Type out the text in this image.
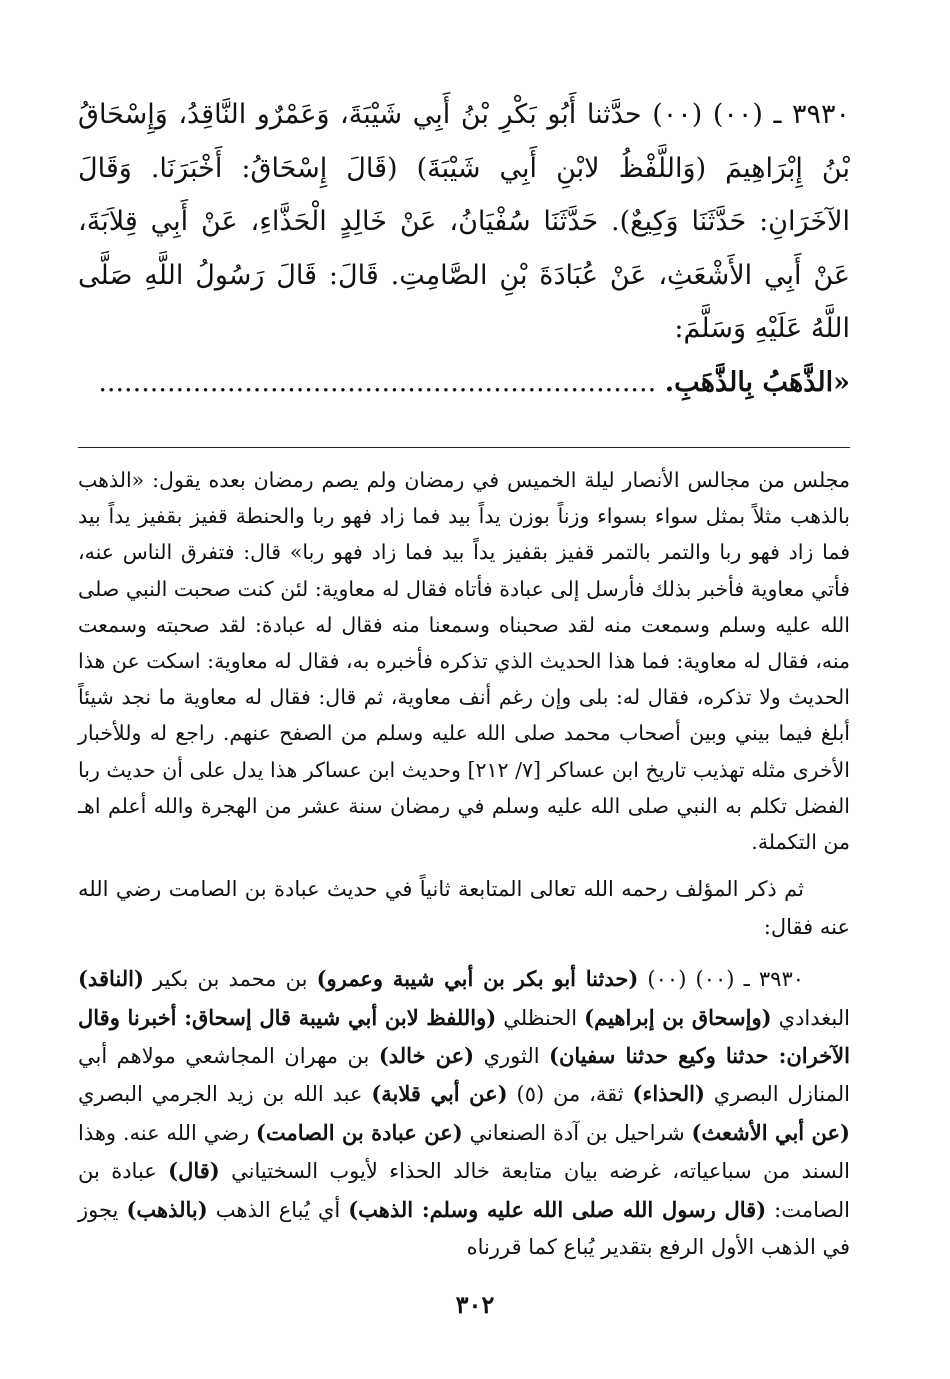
٣٩٣٠ ـ (٠٠) (٠٠) حدَّثنا أَبُو بَكْرِ بْنُ أَبِي شَيْبَةَ، وَعَمْرٌو النَّاقِدُ، وَإِسْحَاقُ بْنُ إِبْرَاهِيمَ (وَاللَّفْظُ لابْنِ أَبِي شَيْبَةَ) (قَالَ إِسْحَاقُ: أَخْبَرَنَا. وَقَالَ الآخَرَانِ: حَدَّثَنَا وَكِيعٌ). حَدَّثَنَا سُفْيَانُ، عَنْ خَالِدٍ الْحَذَّاءِ، عَنْ أَبِي قِلاَبَةَ، عَنْ أَبِي الأَشْعَثِ، عَنْ عُبَادَةَ بْنِ الصَّامِتِ. قَالَ: قَالَ رَسُولُ اللَّهِ صَلَّى اللَّهُ عَلَيْهِ وَسَلَّمَ:
«الذَّهَبُ بِالذَّهَبِ. .................................................................

مجلس من مجالس الأنصار ليلة الخميس في رمضان ولم يصم رمضان بعده يقول: «الذهب بالذهب مثلاً بمثل سواء بسواء وزناً بوزن يداً بيد فما زاد فهو ربا والحنطة قفيز بقفيز يداً بيد فما زاد فهو ربا والتمر بالتمر قفيز بقفيز يداً بيد فما زاد فهو ربا» قال: فتفرق الناس عنه، فأتي معاوية فأخبر بذلك فأرسل إلى عبادة فأتاه فقال له معاوية: لئن كنت صحبت النبي صلى الله عليه وسلم وسمعت منه لقد صحبناه وسمعنا منه فقال له عبادة: لقد صحبته وسمعت منه، فقال له معاوية: فما هذا الحديث الذي تذكره فأخبره به، فقال له معاوية: اسكت عن هذا الحديث ولا تذكره، فقال له: بلى وإن رغم أنف معاوية، ثم قال: فقال له معاوية ما نجد شيئاً أبلغ فيما بيني وبين أصحاب محمد صلى الله عليه وسلم من الصفح عنهم. راجع له وللأخبار الأخرى مثله تهذيب تاريخ ابن عساكر [٧/ ٢١٢] وحديث ابن عساكر هذا يدل على أن حديث ربا الفضل تكلم به النبي صلى الله عليه وسلم في رمضان سنة عشر من الهجرة والله أعلم اهـ من التكملة.

ثم ذكر المؤلف رحمه الله تعالى المتابعة ثانياً في حديث عبادة بن الصامت رضي الله عنه فقال:

٣٩٣٠ ـ (٠٠) (٠٠) (حدثنا أبو بكر بن أبي شيبة وعمرو) بن محمد بن بكير (الناقد) البغدادي (وإسحاق بن إبراهيم) الحنظلي (واللفظ لابن أبي شيبة قال إسحاق: أخبرنا وقال الآخران: حدثنا وكيع حدثنا سفيان) الثوري (عن خالد) بن مهران المجاشعي مولاهم أبي المنازل البصري (الحذاء) ثقة، من (٥) (عن أبي قلابة) عبد الله بن زيد الجرمي البصري (عن أبي الأشعث) شراحيل بن آدة الصنعاني (عن عبادة بن الصامت) رضي الله عنه. وهذا السند من سباعياته، غرضه بيان متابعة خالد الحذاء لأيوب السختياني (قال) عبادة بن الصامت: (قال رسول الله صلى الله عليه وسلم: الذهب) أي يُباع الذهب (بالذهب) يجوز في الذهب الأول الرفع بتقدير يُباع كما قررناه

٣٠٢
